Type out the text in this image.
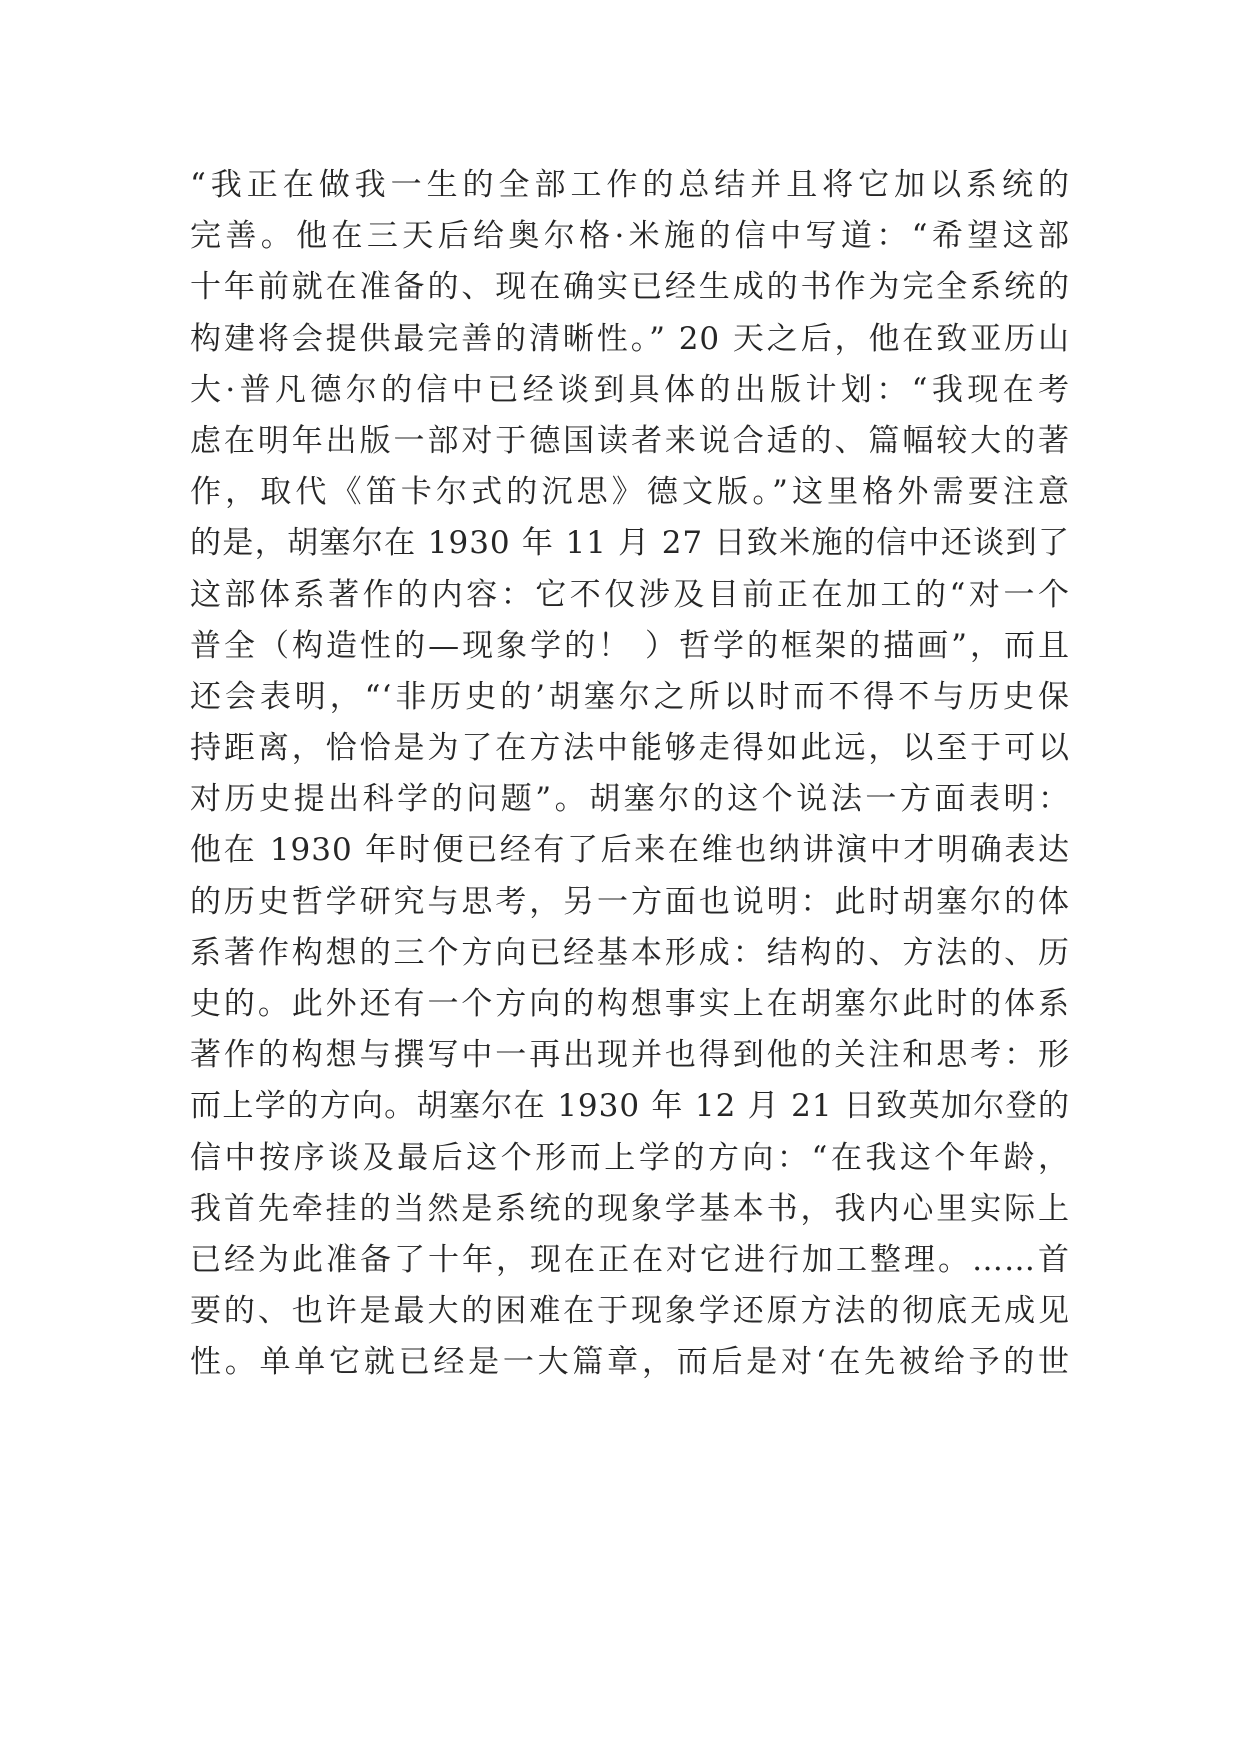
“我正在做我一生的全部工作的总结并且将它加以系统的
完善。他在三天后给奥尔格·米施的信中写道：“希望这部
十年前就在准备的、现在确实已经生成的书作为完全系统的
构建将会提供最完善的清晰性。” 20 天之后，他在致亚历山
大·普凡德尔的信中已经谈到具体的出版计划：“我现在考
虑在明年出版一部对于德国读者来说合适的、篇幅较大的著
作，取代《笛卡尔式的沉思》德文版。”这里格外需要注意
的是，胡塞尔在 1930 年 11 月 27 日致米施的信中还谈到了
这部体系著作的内容：它不仅涉及目前正在加工的“对一个
普全（构造性的—现象学的！ ）哲学的框架的描画”，而且
还会表明，“‘非历史的’胡塞尔之所以时而不得不与历史保
持距离，恰恰是为了在方法中能够走得如此远，以至于可以
对历史提出科学的问题”。胡塞尔的这个说法一方面表明：
他在 1930 年时便已经有了后来在维也纳讲演中才明确表达
的历史哲学研究与思考，另一方面也说明：此时胡塞尔的体
系著作构想的三个方向已经基本形成：结构的、方法的、历
史的。此外还有一个方向的构想事实上在胡塞尔此时的体系
著作的构想与撰写中一再出现并也得到他的关注和思考：形
而上学的方向。胡塞尔在 1930 年 12 月 21 日致英加尔登的
信中按序谈及最后这个形而上学的方向：“在我这个年龄，
我首先牵挂的当然是系统的现象学基本书，我内心里实际上
已经为此准备了十年，现在正在对它进行加工整理。……首
要的、也许是最大的困难在于现象学还原方法的彻底无成见
性。单单它就已经是一大篇章，而后是对‘在先被给予的世
